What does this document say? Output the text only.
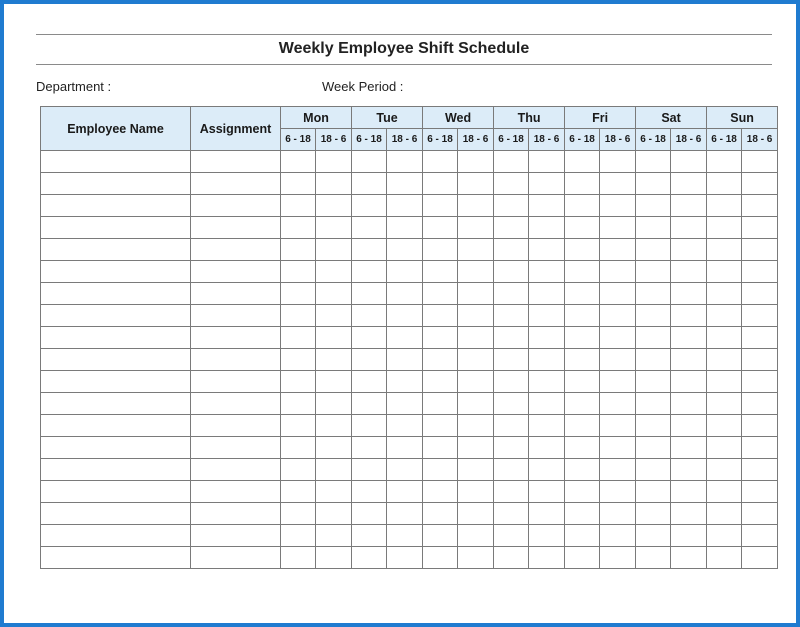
Weekly Employee Shift Schedule
Department :	Week Period :
Employee Name	Assignment	Mon		Tue		Wed		Thu		Fri		Sat		Sun	
		6 - 18	18 - 6	6 - 18	18 - 6	6 - 18	18 - 6	6 - 18	18 - 6	6 - 18	18 - 6	6 - 18	18 - 6	6 - 18	18 - 6
